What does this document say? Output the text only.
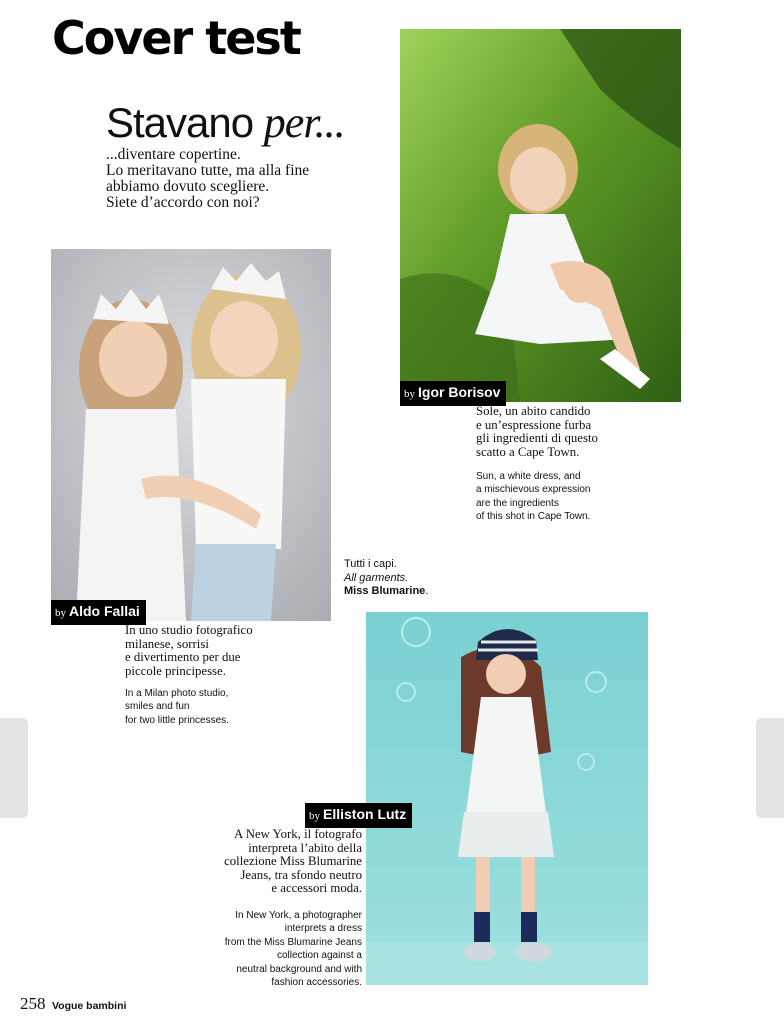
Cover test
Stavano per...
...diventare copertine.
Lo meritavano tutte, ma alla fine
abbiamo dovuto scegliere.
Siete d’accordo con noi?
by Igor Borisov
Sole, un abito candido
e un’espressione furba
gli ingredienti di questo
scatto a Cape Town.
Sun, a white dress, and
a mischievous expression
are the ingredients
of this shot in Cape Town.
by Aldo Fallai
In uno studio fotografico
milanese, sorrisi
e divertimento per due
piccole principesse.
In a Milan photo studio,
smiles and fun
for two little princesses.
Tutti i capi.
All garments.
Miss Blumarine.
by Elliston Lutz
A New York, il fotografo
interpreta l’abito della
collezione Miss Blumarine
Jeans, tra sfondo neutro
e accessori moda.
In New York, a photographer
interprets a dress
from the Miss Blumarine Jeans
collection against a
neutral background and with
fashion accessories.
258 Vogue bambini
